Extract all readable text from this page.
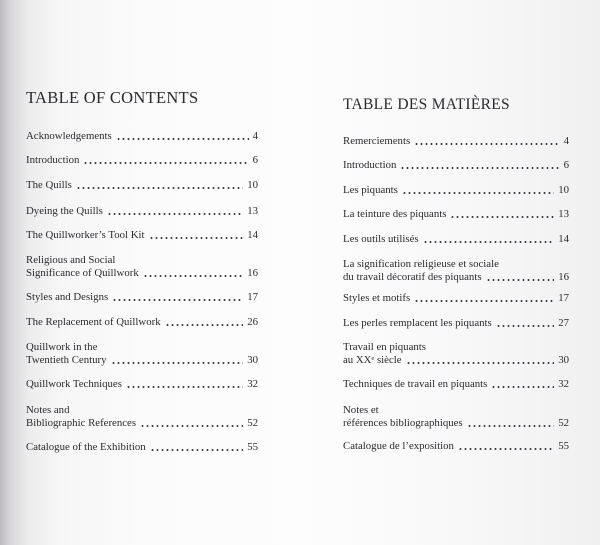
TABLE OF CONTENTS
Acknowledgements	4
Introduction	6
The Quills	10
Dyeing the Quills	13
The Quillworker’s Tool Kit	14
Religious and Social
Significance of Quillwork	16
Styles and Designs	17
The Replacement of Quillwork	26
Quillwork in the
Twentieth Century	30
Quillwork Techniques	32
Notes and
Bibliographic References	52
Catalogue of the Exhibition	55
TABLE DES MATIÈRES
Remerciements	4
Introduction	6
Les piquants	10
La teinture des piquants	13
Les outils utilisés	14
La signification religieuse et sociale
du travail décoratif des piquants	16
Styles et motifs	17
Les perles remplacent les piquants	27
Travail en piquants
au XXᵉ siècle	30
Techniques de travail en piquants	32
Notes et
références bibliographiques	52
Catalogue de l’exposition	55
